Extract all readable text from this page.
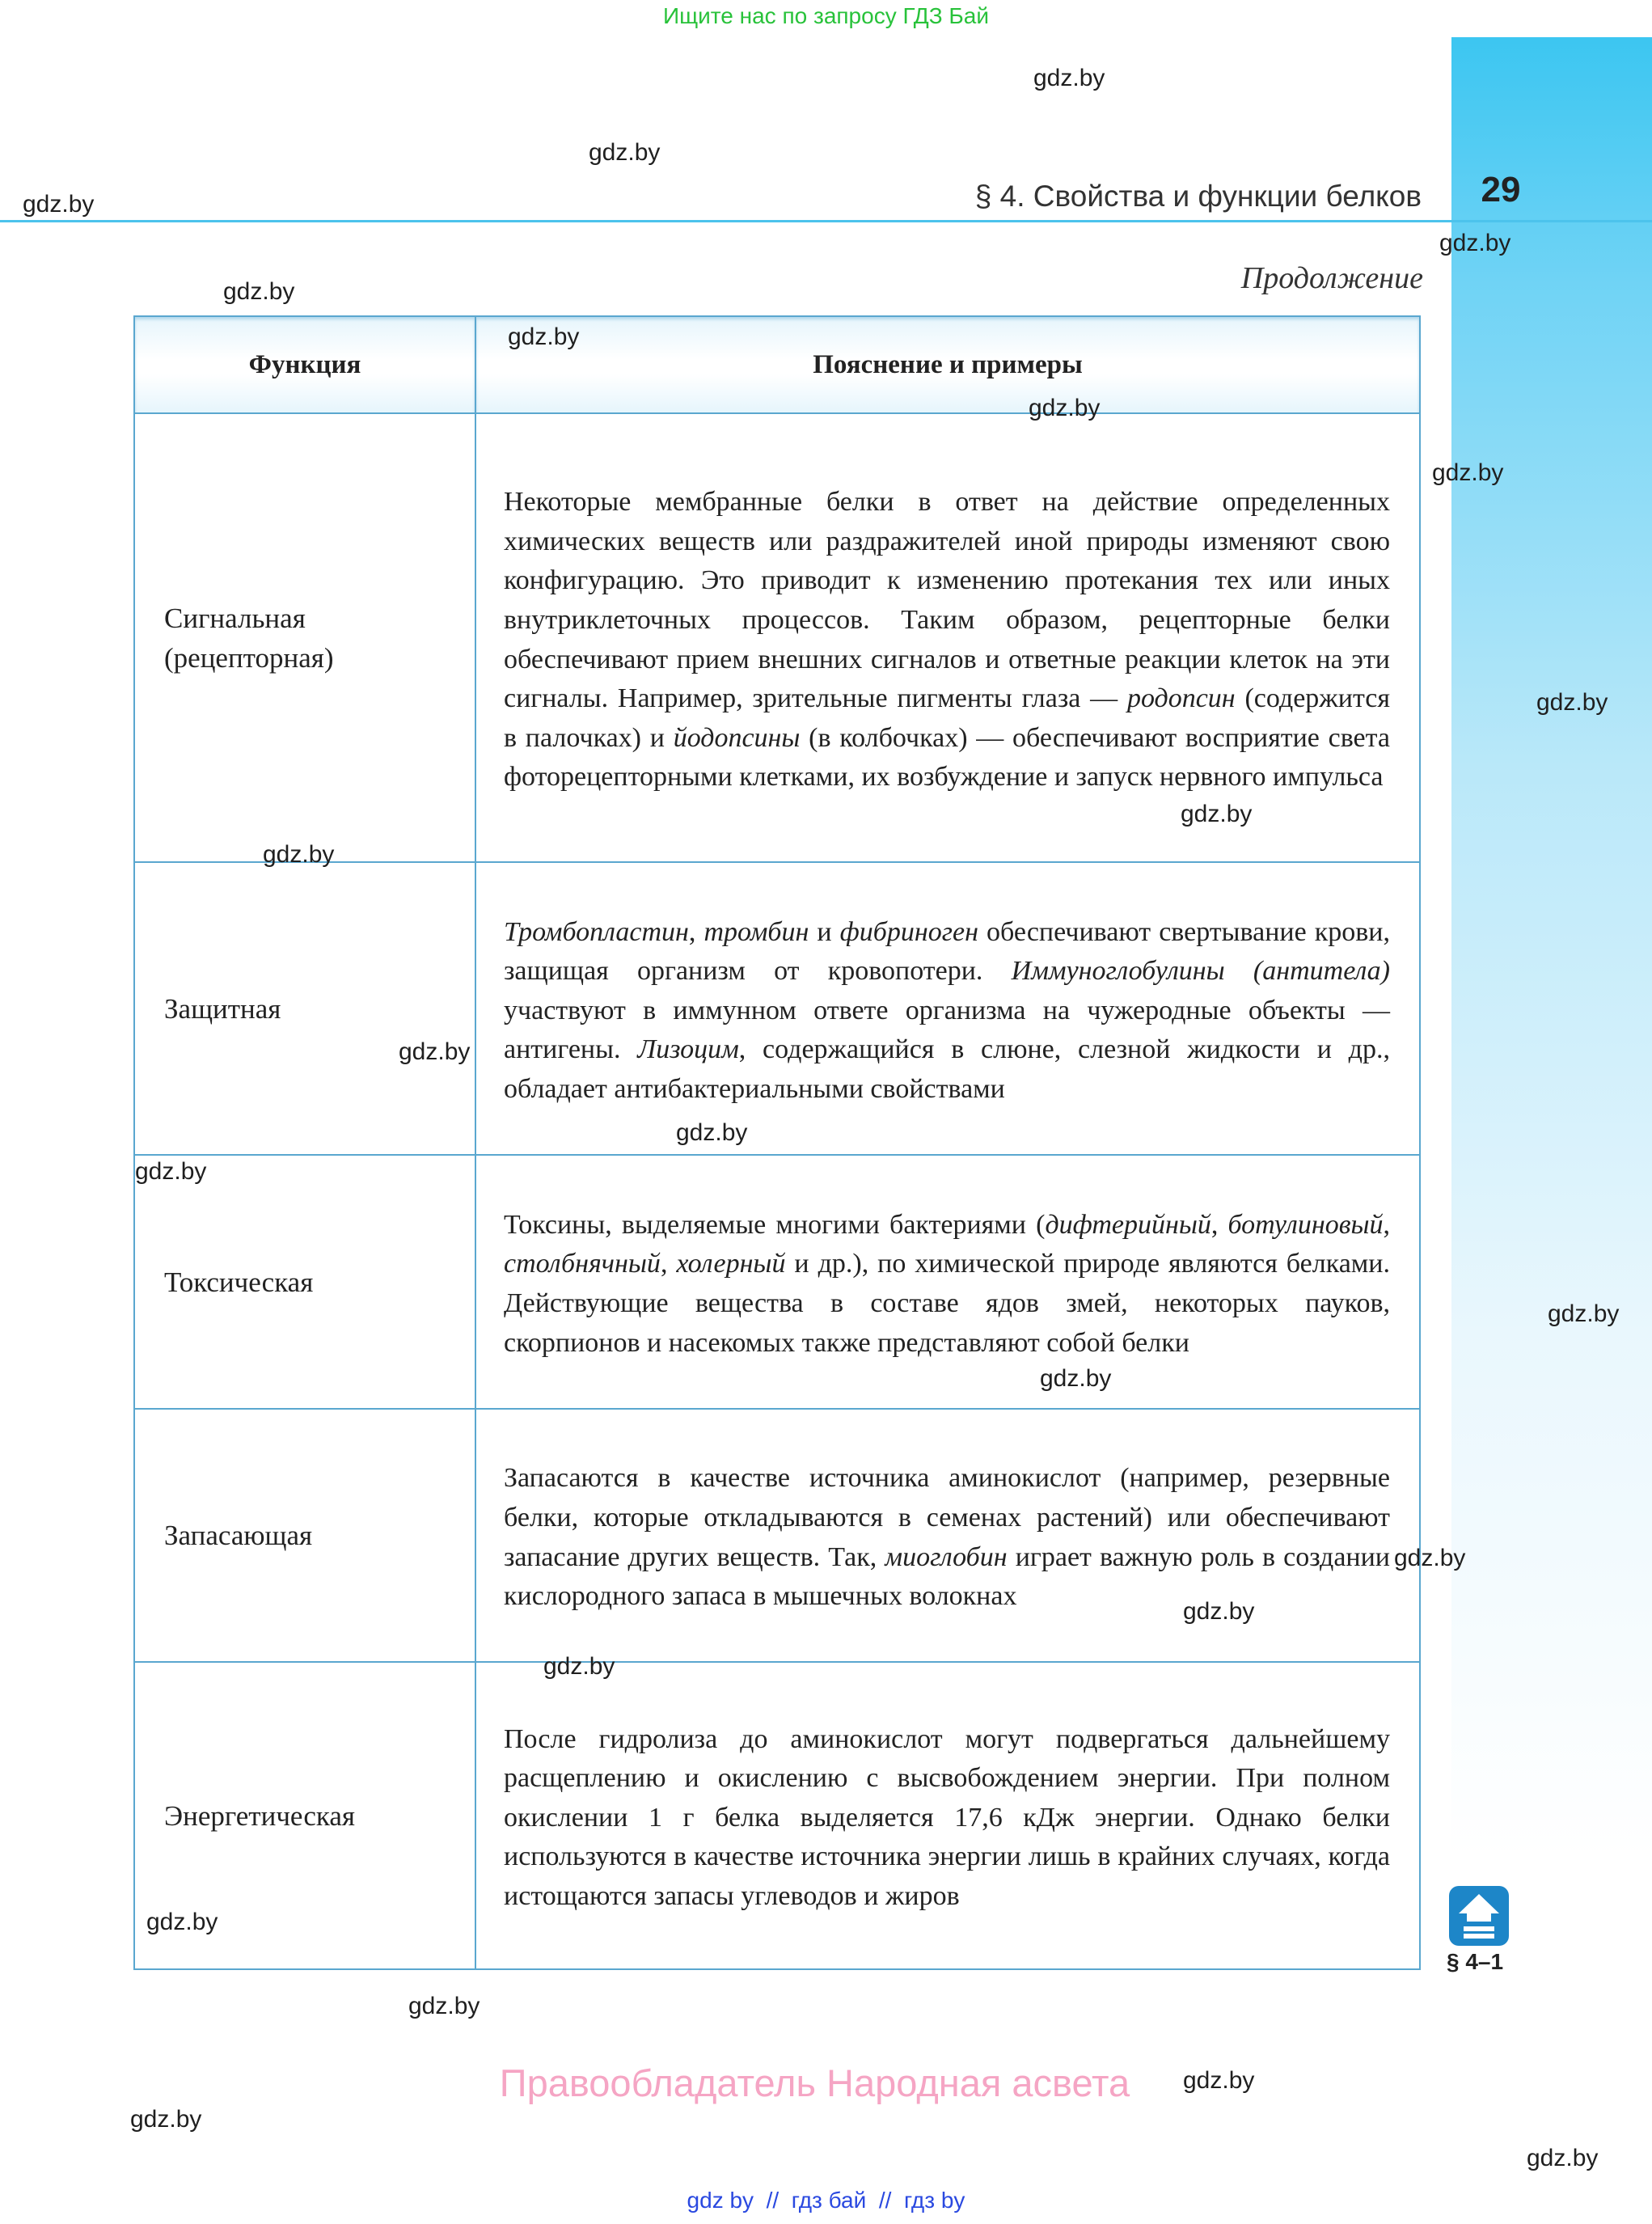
Ищите нас по запросу ГДЗ Бай
§ 4. Свойства и функции белков	29
Продолжение
Функция	Пояснение и примеры

Сигнальная
(рецепторная)	Некоторые мембранные белки в ответ на действие определенных химических веществ или раздражителей иной природы изменяют свою конфигурацию. Это приводит к изменению протекания тех или иных внутриклеточных процессов. Таким образом, рецепторные белки обеспечивают прием внешних сигналов и ответные реакции клеток на эти сигналы. Например, зрительные пигменты глаза — родопсин (содержится в палочках) и йодопсины (в колбочках) — обеспечивают восприятие света фоторецепторными клетками, их возбуждение и запуск нервного импульса

Защитная	Тромбопластин, тромбин и фибриноген обеспечивают свертывание крови, защищая организм от кровопотери. Иммуноглобулины (антитела) участвуют в иммунном ответе организма на чужеродные объекты — антигены. Лизоцим, содержащийся в слюне, слезной жидкости и др., обладает антибактериальными свойствами

Токсическая	Токсины, выделяемые многими бактериями (дифтерийный, ботулиновый, столбнячный, холерный и др.), по химической природе являются белками. Действующие вещества в составе ядов змей, некоторых пауков, скорпионов и насекомых также представляют собой белки

Запасающая	Запасаются в качестве источника аминокислот (например, резервные белки, которые откладываются в семенах растений) или обеспечивают запасание других веществ. Так, миоглобин играет важную роль в создании кислородного запаса в мышечных волокнах

Энергетическая	После гидролиза до аминокислот могут подвергаться дальнейшему расщеплению и окислению с высвобождением энергии. При полном окислении 1 г белка выделяется 17,6 кДж энергии. Однако белки используются в качестве источника энергии лишь в крайних случаях, когда истощаются запасы углеводов и жиров
§ 4–1
gdz.by
gdz.by
gdz.by
gdz.by
gdz.by
gdz.by
gdz.by
gdz.by
gdz.by
gdz.by
gdz.by
gdz.by
gdz.by
gdz.by
gdz.by
gdz.by
gdz.by
gdz.by
gdz.by
gdz.by
gdz.by
gdz.by
gdz.by
gdz.by
Правообладатель Народная асвета
gdz by // гдз бай // гдз by
